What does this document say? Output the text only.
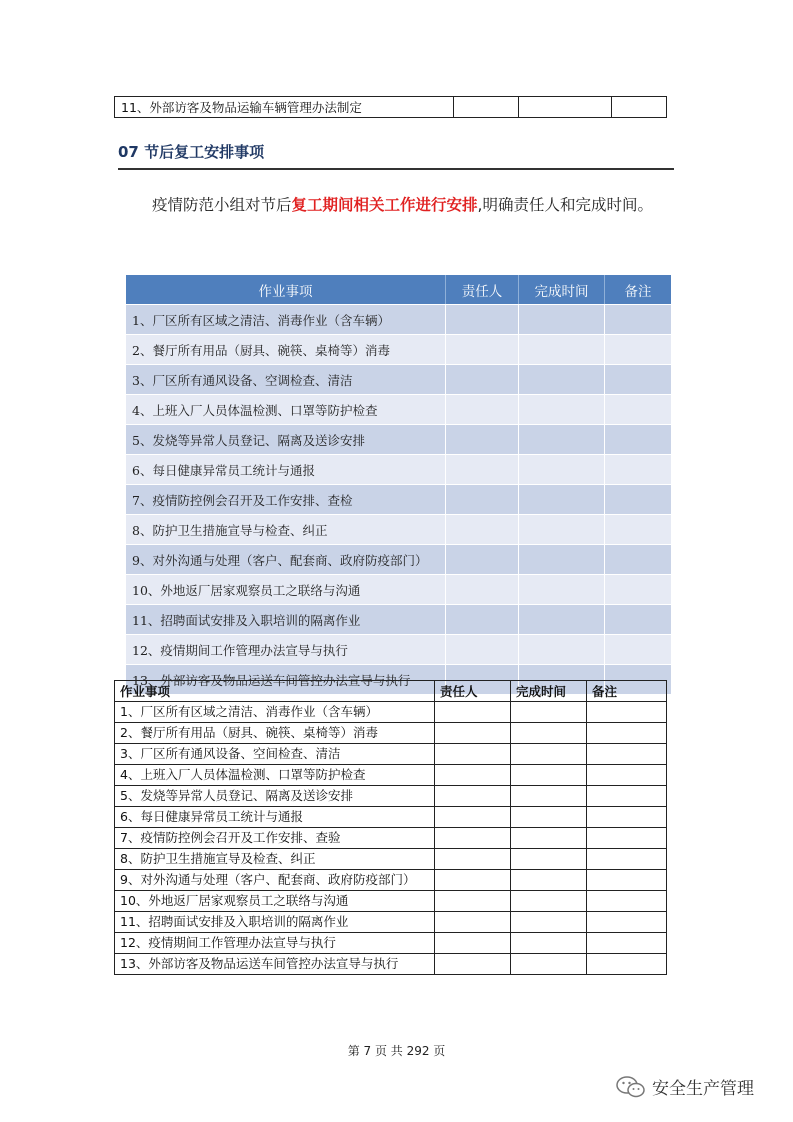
11、外部访客及物品运输车辆管理办法制定			
07 节后复工安排事项
疫情防范小组对节后复工期间相关工作进行安排,明确责任人和完成时间。
作业事项	责任人	完成时间	备注
1、厂区所有区域之清洁、消毒作业（含车辆）			
2、餐厅所有用品（厨具、碗筷、桌椅等）消毒			
3、厂区所有通风设备、空调检查、清洁			
4、上班入厂人员体温检测、口罩等防护检查			
5、发烧等异常人员登记、隔离及送诊安排			
6、每日健康异常员工统计与通报			
7、疫情防控例会召开及工作安排、查检			
8、防护卫生措施宣导与检查、纠正			
9、对外沟通与处理（客户、配套商、政府防疫部门）			
10、外地返厂居家观察员工之联络与沟通			
11、招聘面试安排及入职培训的隔离作业			
12、疫情期间工作管理办法宣导与执行			
13、外部访客及物品运送车间管控办法宣导与执行			
作业事项	责任人	完成时间	备注
1、厂区所有区域之清洁、消毒作业（含车辆）			
2、餐厅所有用品（厨具、碗筷、桌椅等）消毒			
3、厂区所有通风设备、空间检查、清洁			
4、上班入厂人员体温检测、口罩等防护检查			
5、发烧等异常人员登记、隔离及送诊安排			
6、每日健康异常员工统计与通报			
7、疫情防控例会召开及工作安排、查验			
8、防护卫生措施宣导及检查、纠正			
9、对外沟通与处理（客户、配套商、政府防疫部门）			
10、外地返厂居家观察员工之联络与沟通			
11、招聘面试安排及入职培训的隔离作业			
12、疫情期间工作管理办法宣导与执行			
13、外部访客及物品运送车间管控办法宣导与执行			
第 7 页 共 292 页
安全生产管理
